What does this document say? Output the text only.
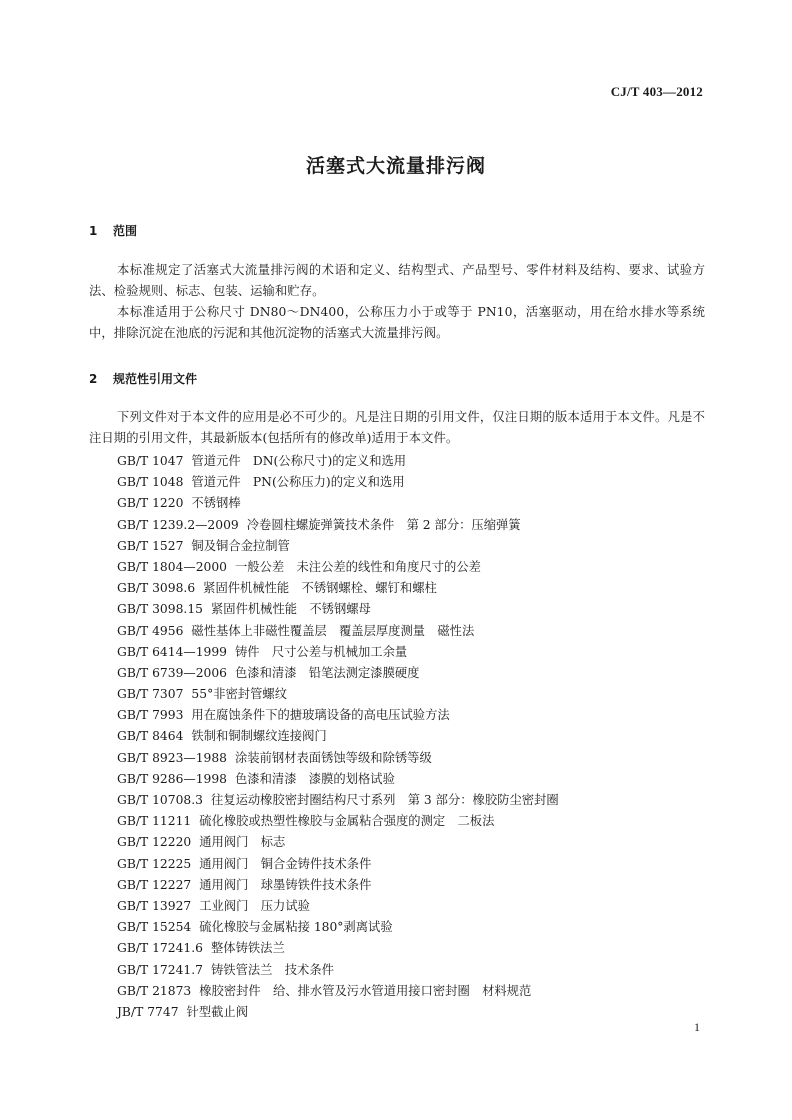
CJ/T 403—2012
活塞式大流量排污阀
1 范围
本标准规定了活塞式大流量排污阀的术语和定义、结构型式、产品型号、零件材料及结构、要求、试验方法、检验规则、标志、包装、运输和贮存。
本标准适用于公称尺寸 DN80～DN400，公称压力小于或等于 PN10，活塞驱动，用在给水排水等系统中，排除沉淀在池底的污泥和其他沉淀物的活塞式大流量排污阀。
2 规范性引用文件
下列文件对于本文件的应用是必不可少的。凡是注日期的引用文件，仅注日期的版本适用于本文件。凡是不注日期的引用文件，其最新版本(包括所有的修改单)适用于本文件。
GB/T 1047 管道元件　DN(公称尺寸)的定义和选用
GB/T 1048 管道元件　PN(公称压力)的定义和选用
GB/T 1220 不锈钢棒
GB/T 1239.2—2009 冷卷圆柱螺旋弹簧技术条件　第 2 部分：压缩弹簧
GB/T 1527 铜及铜合金拉制管
GB/T 1804—2000 一般公差　未注公差的线性和角度尺寸的公差
GB/T 3098.6 紧固件机械性能　不锈钢螺栓、螺钉和螺柱
GB/T 3098.15 紧固件机械性能　不锈钢螺母
GB/T 4956 磁性基体上非磁性覆盖层　覆盖层厚度测量　磁性法
GB/T 6414—1999 铸件　尺寸公差与机械加工余量
GB/T 6739—2006 色漆和清漆　铅笔法测定漆膜硬度
GB/T 7307 55°非密封管螺纹
GB/T 7993 用在腐蚀条件下的搪玻璃设备的高电压试验方法
GB/T 8464 铁制和铜制螺纹连接阀门
GB/T 8923—1988 涂装前钢材表面锈蚀等级和除锈等级
GB/T 9286—1998 色漆和清漆　漆膜的划格试验
GB/T 10708.3 往复运动橡胶密封圈结构尺寸系列　第 3 部分：橡胶防尘密封圈
GB/T 11211 硫化橡胶或热塑性橡胶与金属粘合强度的测定　二板法
GB/T 12220 通用阀门　标志
GB/T 12225 通用阀门　铜合金铸件技术条件
GB/T 12227 通用阀门　球墨铸铁件技术条件
GB/T 13927 工业阀门　压力试验
GB/T 15254 硫化橡胶与金属粘接 180°剥离试验
GB/T 17241.6 整体铸铁法兰
GB/T 17241.7 铸铁管法兰　技术条件
GB/T 21873 橡胶密封件　给、排水管及污水管道用接口密封圈　材料规范
JB/T 7747 针型截止阀
1
